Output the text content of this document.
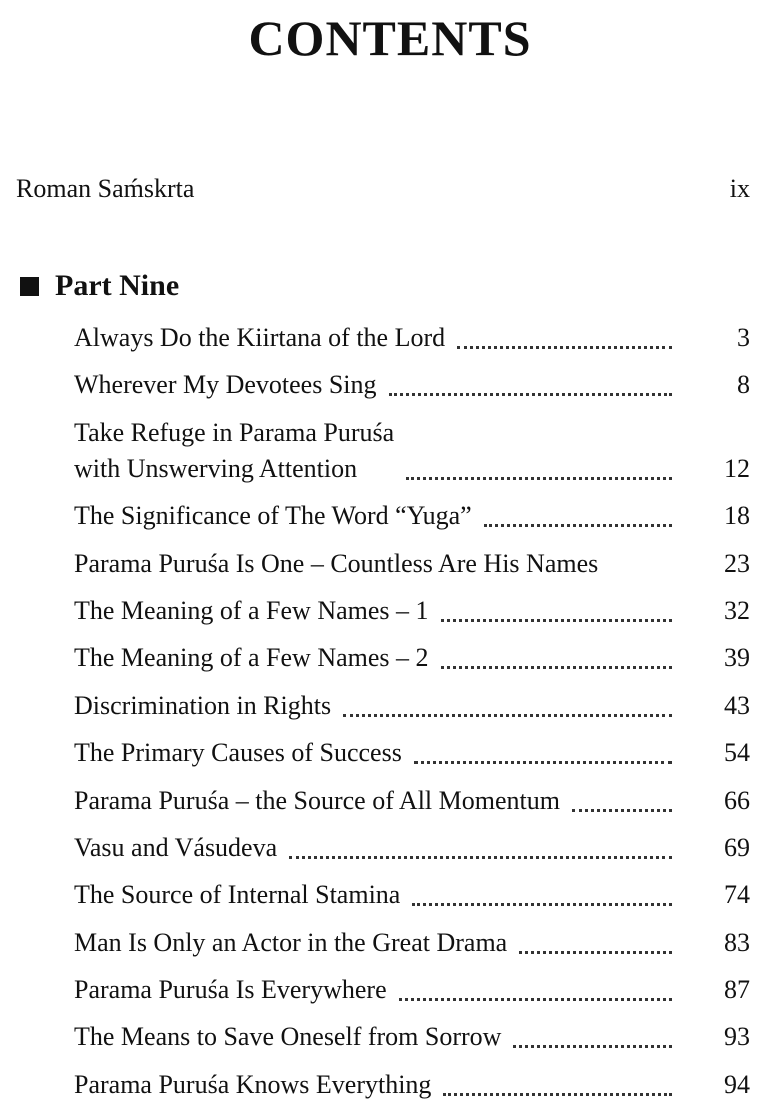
CONTENTS
Roman Saḿskrta	ix
Part Nine
Always Do the Kiirtana of the Lord	3
Wherever My Devotees Sing	8
Take Refuge in Parama Puruśa
with Unswerving Attention	12
The Significance of The Word “Yuga”	18
Parama Puruśa Is One – Countless Are His Names	23
The Meaning of a Few Names – 1	32
The Meaning of a Few Names – 2	39
Discrimination in Rights	43
The Primary Causes of Success	54
Parama Puruśa – the Source of All Momentum	66
Vasu and Vásudeva	69
The Source of Internal Stamina	74
Man Is Only an Actor in the Great Drama	83
Parama Puruśa Is Everywhere	87
The Means to Save Oneself from Sorrow	93
Parama Puruśa Knows Everything	94
